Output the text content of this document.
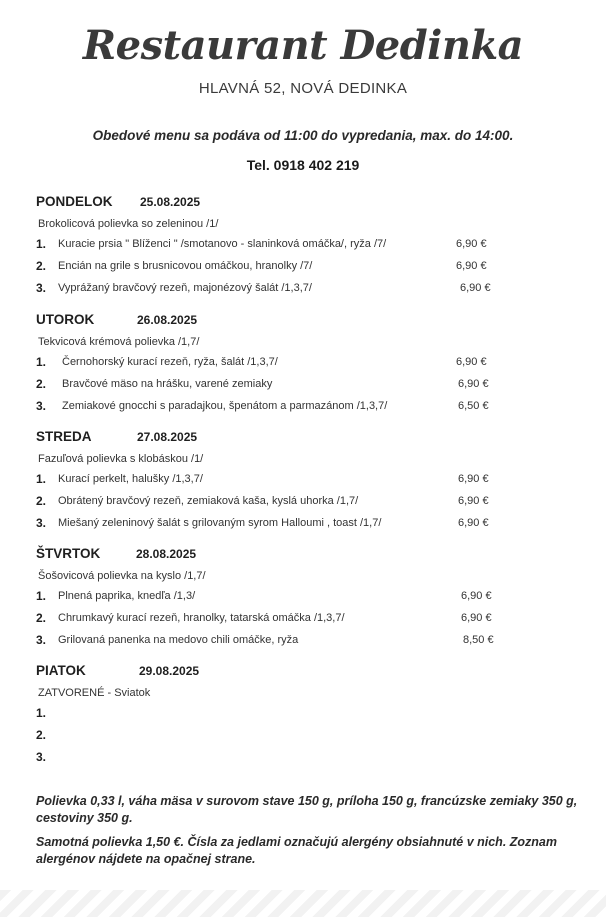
Restaurant Dedinka
HLAVNÁ 52, NOVÁ DEDINKA
Obedové menu sa podáva od 11:00 do vypredania, max. do 14:00.
Tel. 0918 402 219
PONDELOK 25.08.2025
Brokolicová polievka so zeleninou /1/
1. Kuracie prsia " Blíženci " /smotanovo - slaninková omáčka/, ryža /7/	6,90 €
2. Encián na grile s brusnicovou omáčkou, hranolky /7/	6,90 €
3. Vyprážaný bravčový rezeň, majonézový šalát /1,3,7/	6,90 €
UTOROK	26.08.2025
Tekvicová krémová polievka /1,7/
1. Černohorský kurací rezeň, ryža, šalát /1,3,7/	6,90 €
2. Bravčové mäso na hrášku, varené zemiaky	6,90 €
3. Zemiakové gnocchi s paradajkou, špenátom a parmazánom /1,3,7/	6,50 €
STREDA	27.08.2025
Fazuľová polievka s klobáskou /1/
1. Kurací perkelt, halušky /1,3,7/	6,90 €
2. Obrátený bravčový rezeň, zemiaková kaša, kyslá uhorka /1,7/	6,90 €
3. Miešaný zeleninový šalát s grilovaným syrom Halloumi , toast /1,7/	6,90 €
ŠTVRTOK	28.08.2025
Šošovicová polievka na kyslo /1,7/
1. Plnená paprika, knedľa /1,3/	6,90 €
2. Chrumkavý kurací rezeň, hranolky, tatarská omáčka /1,3,7/	6,90 €
3. Grilovaná panenka na medovo chili omáčke, ryža	8,50 €
PIATOK	29.08.2025
ZATVORENÉ - Sviatok
1.
2.
3.
Polievka 0,33 l, váha mäsa v surovom stave 150 g, príloha 150 g, francúzske zemiaky 350 g, cestoviny 350 g.
Samotná polievka 1,50 €. Čísla za jedlami označujú alergény obsiahnuté v nich. Zoznam alergénov nájdete na opačnej strane.
